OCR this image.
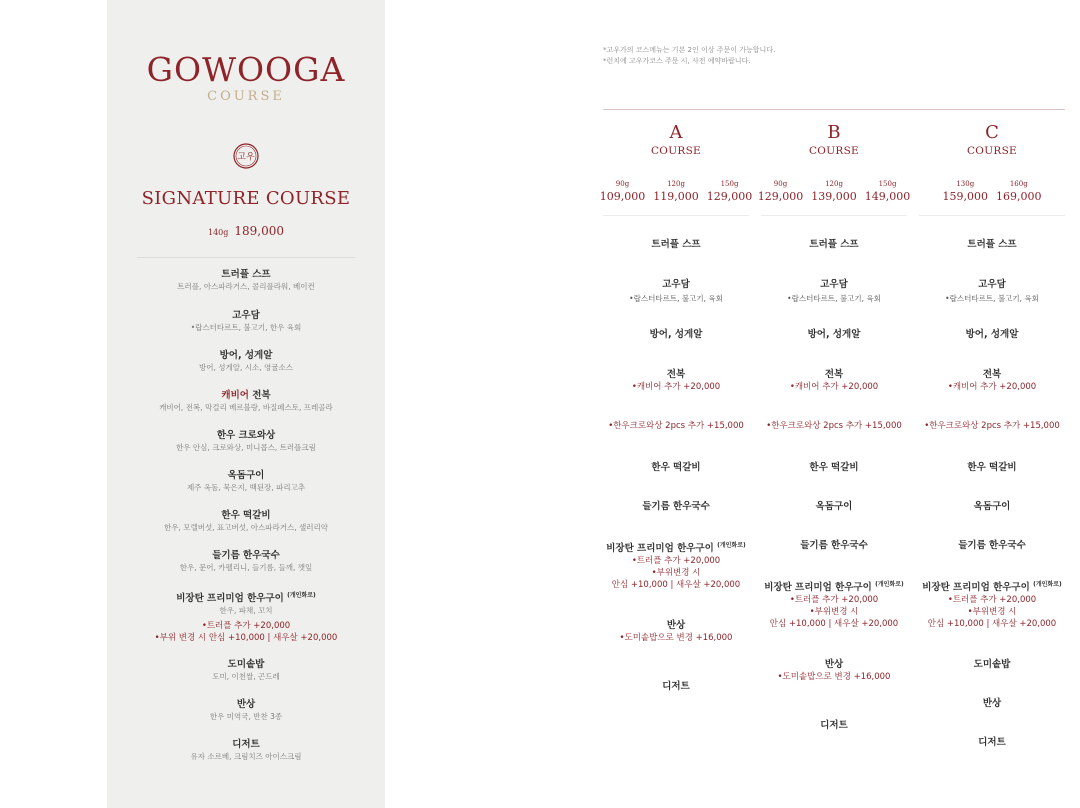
GOWOOGA
COURSE
고우
SIGNATURE COURSE
140g 189,000
트러플 스프
트러플, 아스파라거스, 콜리플라워, 베이컨
고우담
•랍스터타르트, 불고기, 한우 육회
방어, 성게알
방어, 성게알, 시소, 영귤소스
캐비어 전복
캐비어, 전복, 막걸리 베르블랑, 바질페스토, 프레골라
한우 크로와상
한우 안심, 크로와상, 미니콥스, 트러플크림
옥돔구이
제주 옥돔, 묵은지, 백된장, 파리고추
한우 떡갈비
한우, 모렐버섯, 표고버섯, 아스파라거스, 샐러리악
들기름 한우국수
한우, 문어, 카펠리니, 들기름, 들깨, 깻잎
비장탄 프리미엄 한우구이 $^{(개인화로)}$
한우, 파채, 꼬치
•트러플 추가 +20,000
•부위 변경 시 안심 +10,000 | 새우살 +20,000
도미솥밥
도미, 이천쌀, 곤드레
반상
한우 미역국, 반찬 3종
디저트
유자 소르베, 크림치즈 아이스크림
*고우가의 코스메뉴는 기본 2인 이상 주문이 가능합니다.
*런치에 고우가코스 주문 시, 사전 예약바랍니다.
A
COURSE
90g
109,000
120g
119,000
150g
129,000
트러플 스프
고우담
•랍스터타르트, 불고기, 육회
방어, 성게알
전복
•캐비어 추가 +20,000
•한우크로와상 2pcs 추가 +15,000
한우 떡갈비
들기름 한우국수
비장탄 프리미엄 한우구이 $^{(개인화로)}$
•트러플 추가 +20,000
•부위변경 시
안심 +10,000 | 새우살 +20,000
반상
•도미솥밥으로 변경 +16,000
디저트
B
COURSE
90g
129,000
120g
139,000
150g
149,000
트러플 스프
고우담
•랍스터타르트, 불고기, 육회
방어, 성게알
전복
•캐비어 추가 +20,000
•한우크로와상 2pcs 추가 +15,000
한우 떡갈비
옥돔구이
들기름 한우국수
비장탄 프리미엄 한우구이 $^{(개인화로)}$
•트러플 추가 +20,000
•부위변경 시
안심 +10,000 | 새우살 +20,000
반상
•도미솥밥으로 변경 +16,000
디저트
C
COURSE
130g
159,000
160g
169,000
트러플 스프
고우담
•랍스터타르트, 불고기, 육회
방어, 성게알
전복
•캐비어 추가 +20,000
•한우크로와상 2pcs 추가 +15,000
한우 떡갈비
옥돔구이
들기름 한우국수
비장탄 프리미엄 한우구이 $^{(개인화로)}$
•트러플 추가 +20,000
•부위변경 시
안심 +10,000 | 새우살 +20,000
도미솥밥
반상
디저트
